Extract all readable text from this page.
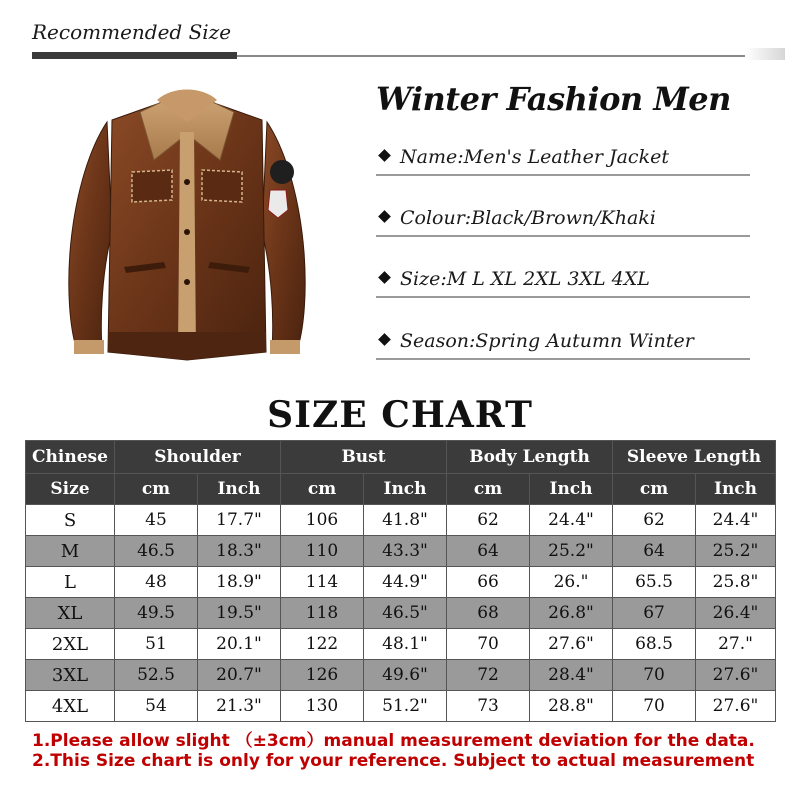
Recommended Size
Winter Fashion Men
Name:Men's Leather Jacket
Colour:Black/Brown/Khaki
Size:M L XL 2XL 3XL 4XL
Season:Spring Autumn Winter
SIZE CHART
Chinese	Shoulder		Bust		Body Length		Sleeve Length	
Size	cm	Inch	cm	Inch	cm	Inch	cm	Inch
S	45	17.7"	106	41.8"	62	24.4"	62	24.4"
M	46.5	18.3"	110	43.3"	64	25.2"	64	25.2"
L	48	18.9"	114	44.9"	66	26."	65.5	25.8"
XL	49.5	19.5"	118	46.5"	68	26.8"	67	26.4"
2XL	51	20.1"	122	48.1"	70	27.6"	68.5	27."
3XL	52.5	20.7"	126	49.6"	72	28.4"	70	27.6"
4XL	54	21.3"	130	51.2"	73	28.8"	70	27.6"
1.Please allow slight （±3cm）manual measurement deviation for the data.
2.This Size chart is only for your reference. Subject to actual measurement
